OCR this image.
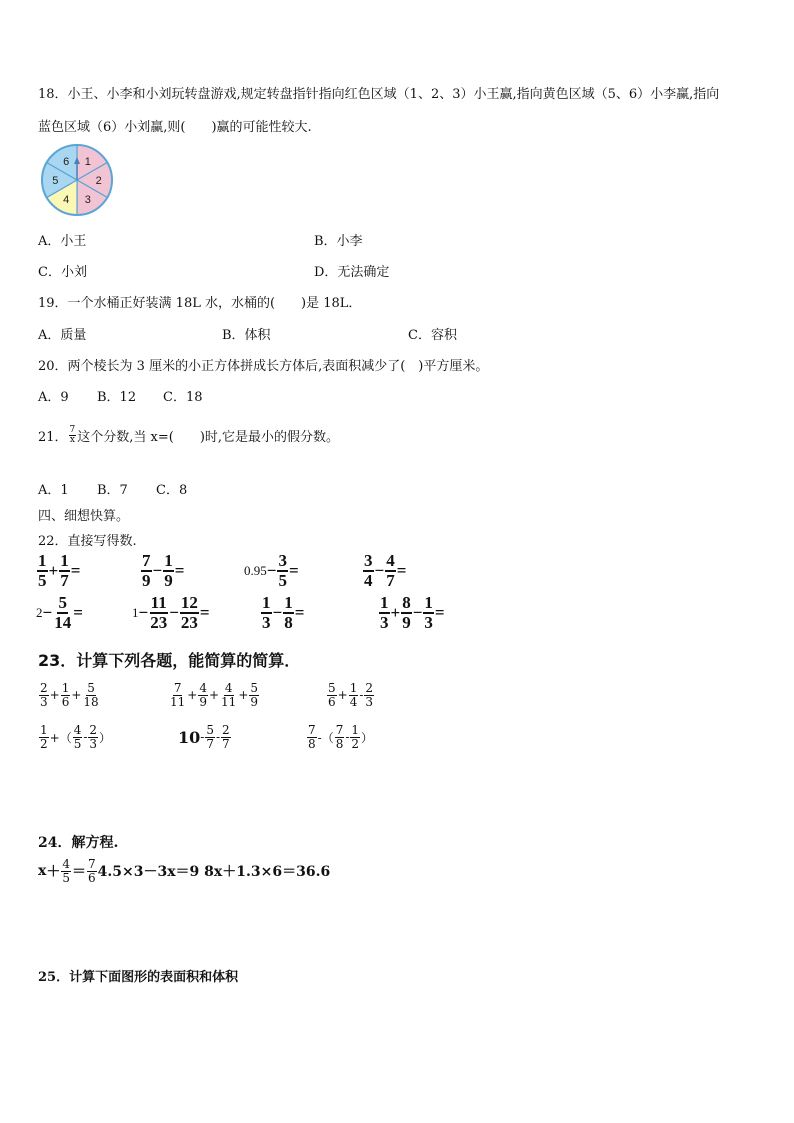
18．小王、小李和小刘玩转盘游戏,规定转盘指针指向红色区域（1、2、3）小王赢,指向黄色区域（5、6）小李赢,指向
蓝色区域（6）小刘赢,则(　　)赢的可能性较大.
1
2
3
4
5
6
A．小王	B．小李
C．小刘	D．无法确定
19．一个水桶正好装满 18L 水，水桶的(　　)是 18L．
A．质量	B．体积	C．容积
20．两个棱长为 3 厘米的小正方体拼成长方体后,表面积减少了(　)平方厘米。
A．9 B．12 C．18
21． $\frac{7}{x}$ 这个分数,当 x=(　　)时,它是最小的假分数。
A．1 B．7 C．8
四、细想快算。
22．直接写得数.
$\frac{1}{5} + \frac{1}{7}$ =	$\frac{7}{9} - \frac{1}{9}$ =	$0.95 - \frac{3}{5}$ =	$\frac{3}{4} - \frac{4}{7}$ =
$2 - \frac{5}{14}$ =	$1 - \frac{11}{23} - \frac{12}{23}$ =	$\frac{1}{3} - \frac{1}{8}$ =	$\frac{1}{3} + \frac{8}{9} - \frac{1}{3}$ =
23．计算下列各题，能简算的简算．
$\frac{2}{3} + \frac{1}{6} + \frac{5}{18}$	$\frac{7}{11} + \frac{4}{9} + \frac{4}{11} + \frac{5}{9}$	$\frac{5}{6} + \frac{1}{4} - \frac{2}{3}$
$\frac{1}{2}$ +（ $\frac{4}{5} - \frac{2}{3}$ ）	$10 - \frac{5}{7} - \frac{2}{7}$	$\frac{7}{8}$ -（ $\frac{7}{8} - \frac{1}{2}$ ）
24．解方程.
$x + \frac{4}{5} = \frac{7}{6} 4.5\times 3-3x=9$ 8x＋1.3×6＝36.6
25．计算下面图形的表面积和体积
